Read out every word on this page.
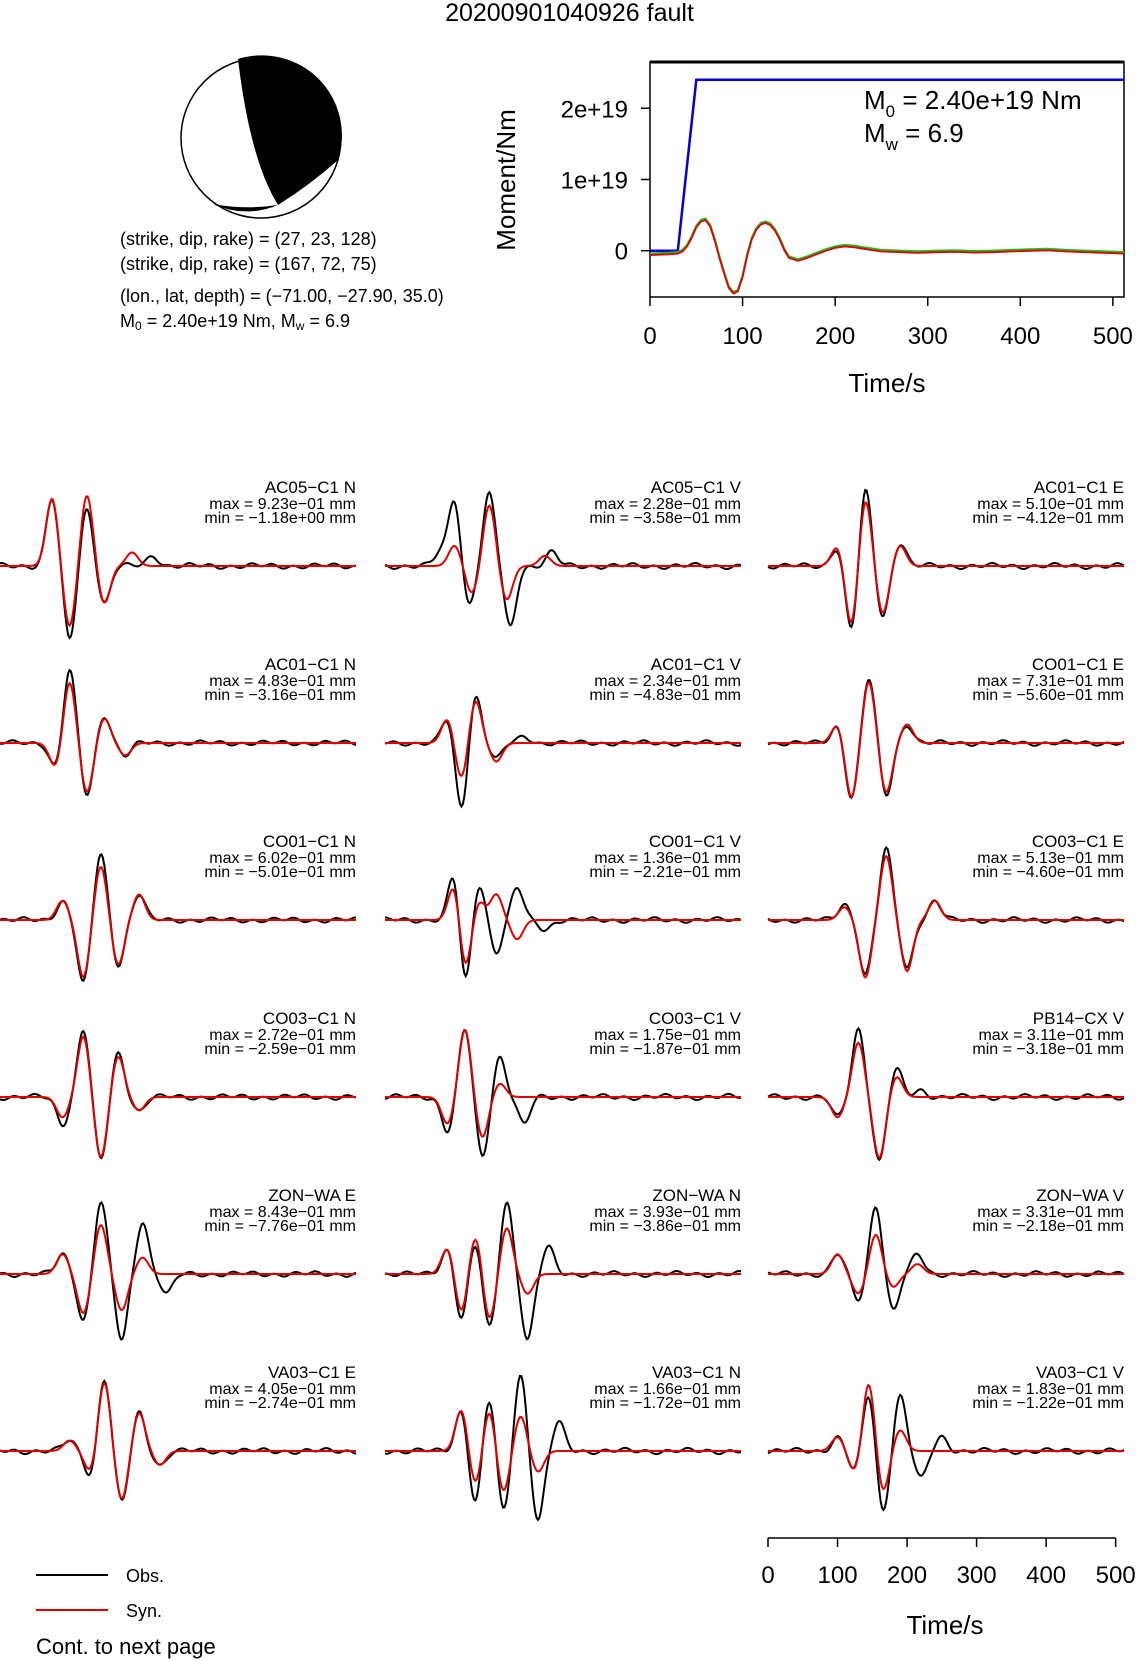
20200901040926 fault
0	100 200 300 400 500
0
1e+19
2e+19
Time/s
Moment/Nm
$M_0 = 2.40e+19$ Nm
$M_w = 6.9$
AC05−C1 N
max = 9.23e−01 mm
min = −1.18e+00 mm
AC05−C1 V
max = 2.28e−01 mm
min = −3.58e−01 mm
AC01−C1 E
max = 5.10e−01 mm
min = −4.12e−01 mm
AC01−C1 N
max = 4.83e−01 mm
min = −3.16e−01 mm
AC01−C1 V
max = 2.34e−01 mm
min = −4.83e−01 mm
CO01−C1 E
max = 7.31e−01 mm
min = −5.60e−01 mm
CO01−C1 N
max = 6.02e−01 mm
min = −5.01e−01 mm
CO01−C1 V
max = 1.36e−01 mm
min = −2.21e−01 mm
CO03−C1 E
max = 5.13e−01 mm
min = −4.60e−01 mm
CO03−C1 N
max = 2.72e−01 mm
min = −2.59e−01 mm
CO03−C1 V
max = 1.75e−01 mm
min = −1.87e−01 mm
PB14−CX V
max = 3.11e−01 mm
min = −3.18e−01 mm
ZON−WA E
max = 8.43e−01 mm
min = −7.76e−01 mm
ZON−WA N
max = 3.93e−01 mm
min = −3.86e−01 mm
ZON−WA V
max = 3.31e−01 mm
min = −2.18e−01 mm
VA03−C1 E
max = 4.05e−01 mm
min = −2.74e−01 mm
VA03−C1 N
max = 1.66e−01 mm
min = −1.72e−01 mm
VA03−C1 V
max = 1.83e−01 mm
min = −1.22e−01 mm
0 100 200 300 400 500
Time/s
Obs.
Syn.
(strike, dip, rake) = (27, 23, 128)
(strike, dip, rake) = (167, 72, 75)
(lon., lat, depth) = (−71.00, −27.90, 35.0)
$M_0 = 2.40e+19$ Nm, $M_w = 6.9$
Cont. to next page
